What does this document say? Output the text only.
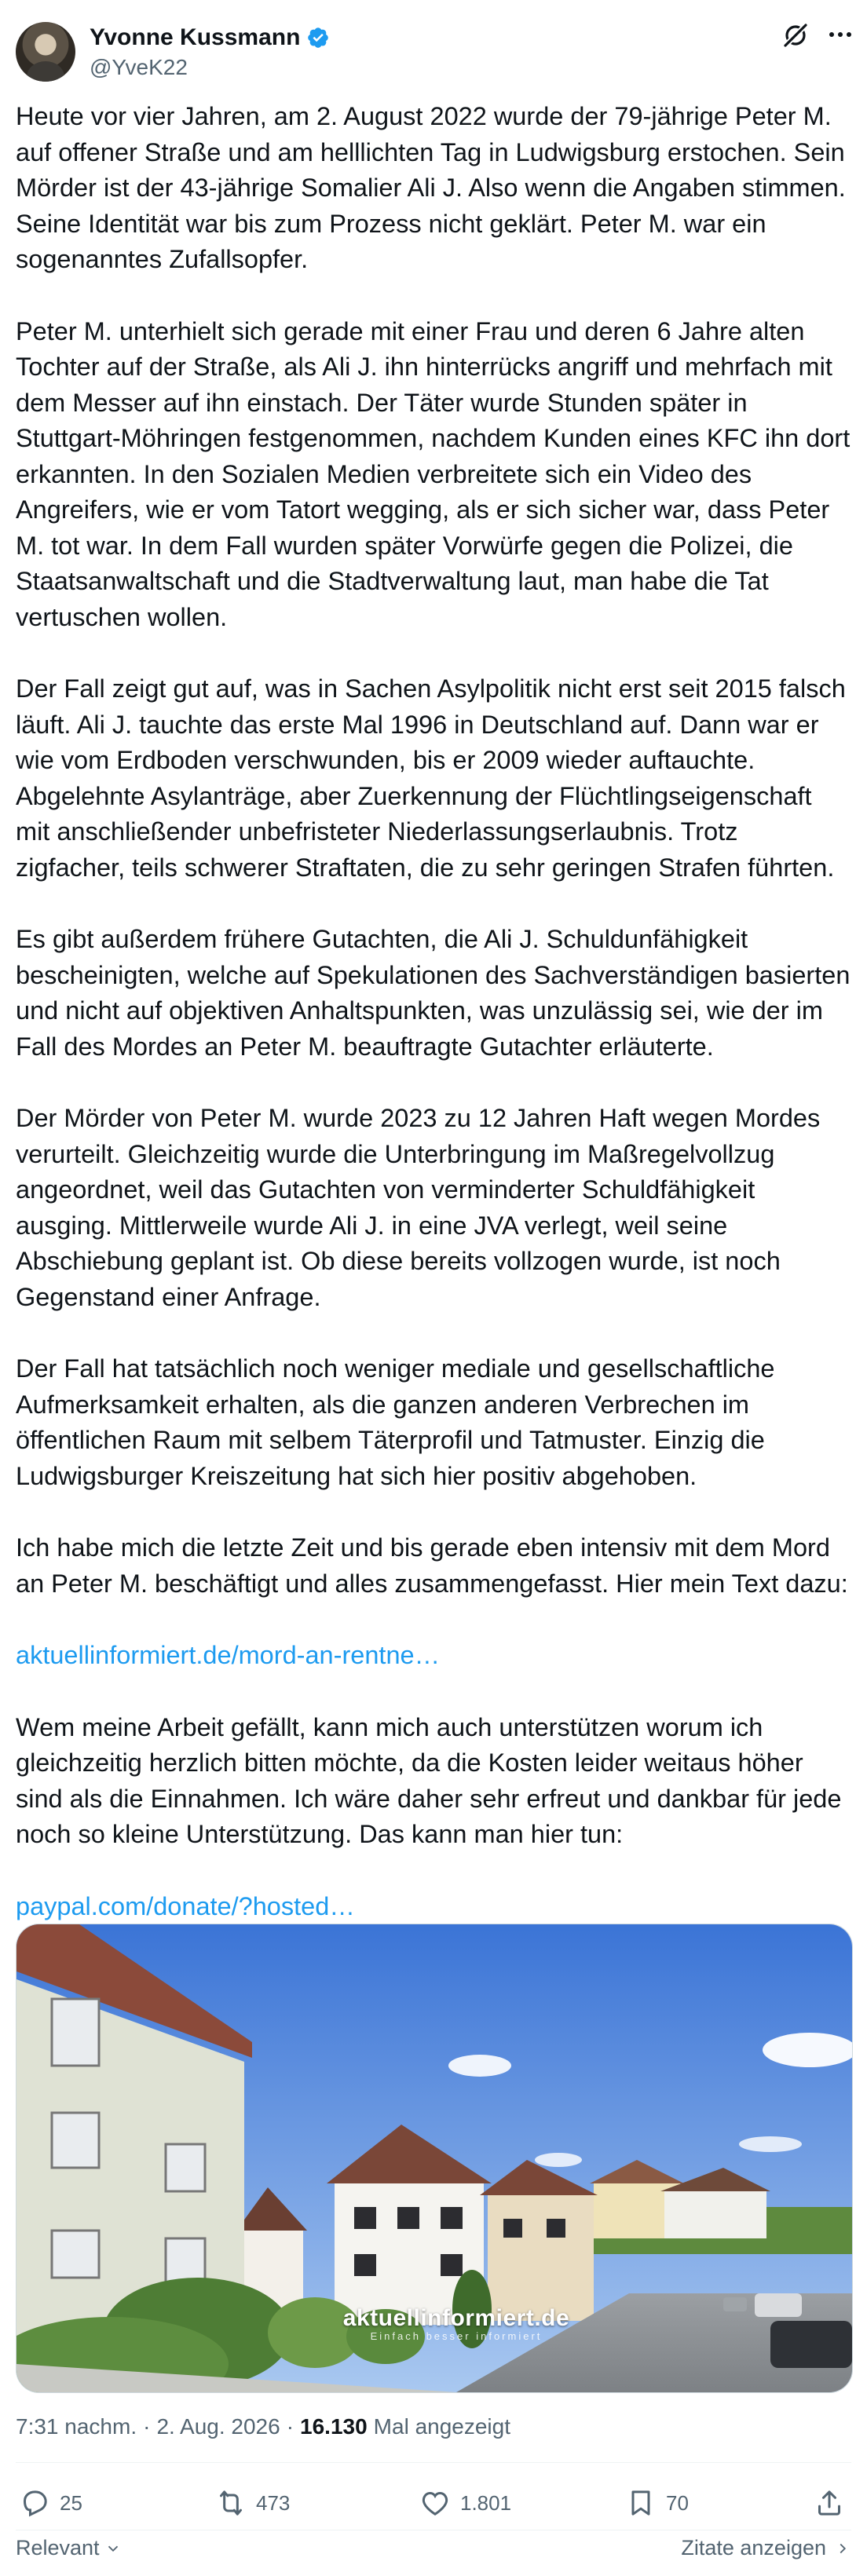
Yvonne Kussmann
@YveK22

Heute vor vier Jahren, am 2. August 2022 wurde der 79-jährige Peter M. auf offener Straße und am helllichten Tag in Ludwigsburg erstochen. Sein Mörder ist der 43-jährige Somalier Ali J. Also wenn die Angaben stimmen. Seine Identität war bis zum Prozess nicht geklärt. Peter M. war ein sogenanntes Zufallsopfer.

Peter M. unterhielt sich gerade mit einer Frau und deren 6 Jahre alten Tochter auf der Straße, als Ali J. ihn hinterrücks angriff und mehrfach mit dem Messer auf ihn einstach. Der Täter wurde Stunden später in Stuttgart-Möhringen festgenommen, nachdem Kunden eines KFC ihn dort erkannten. In den Sozialen Medien verbreitete sich ein Video des Angreifers, wie er vom Tatort wegging, als er sich sicher war, dass Peter M. tot war. In dem Fall wurden später Vorwürfe gegen die Polizei, die Staatsanwaltschaft und die Stadtverwaltung laut, man habe die Tat vertuschen wollen.

Der Fall zeigt gut auf, was in Sachen Asylpolitik nicht erst seit 2015 falsch läuft. Ali J. tauchte das erste Mal 1996 in Deutschland auf. Dann war er wie vom Erdboden verschwunden, bis er 2009 wieder auftauchte. Abgelehnte Asylanträge, aber Zuerkennung der Flüchtlingseigenschaft mit anschließender unbefristeter Niederlassungserlaubnis. Trotz zigfacher, teils schwerer Straftaten, die zu sehr geringen Strafen führten.

Es gibt außerdem frühere Gutachten, die Ali J. Schuldunfähigkeit bescheinigten, welche auf Spekulationen des Sachverständigen basierten und nicht auf objektiven Anhaltspunkten, was unzulässig sei, wie der im Fall des Mordes an Peter M. beauftragte Gutachter erläuterte.

Der Mörder von Peter M. wurde 2023 zu 12 Jahren Haft wegen Mordes verurteilt. Gleichzeitig wurde die Unterbringung im Maßregelvollzug angeordnet, weil das Gutachten von verminderter Schuldfähigkeit ausging. Mittlerweile wurde Ali J. in eine JVA verlegt, weil seine Abschiebung geplant ist. Ob diese bereits vollzogen wurde, ist noch Gegenstand einer Anfrage.

Der Fall hat tatsächlich noch weniger mediale und gesellschaftliche Aufmerksamkeit erhalten, als die ganzen anderen Verbrechen im öffentlichen Raum mit selbem Täterprofil und Tatmuster. Einzig die Ludwigsburger Kreiszeitung hat sich hier positiv abgehoben.

Ich habe mich die letzte Zeit und bis gerade eben intensiv mit dem Mord an Peter M. beschäftigt und alles zusammengefasst. Hier mein Text dazu:

aktuellinformiert.de/mord-an-rentne…

Wem meine Arbeit gefällt, kann mich auch unterstützen worum ich gleichzeitig herzlich bitten möchte, da die Kosten leider weitaus höher sind als die Einnahmen. Ich wäre daher sehr erfreut und dankbar für jede noch so kleine Unterstützung. Das kann man hier tun:

paypal.com/donate/?hosted…
aktuellinformiert.de
Einfach besser informiert
7:31 nachm. · 2. Aug. 2026 · 16.130 Mal angezeigt
25	473	1.801	70
Relevant	Zitate anzeigen
